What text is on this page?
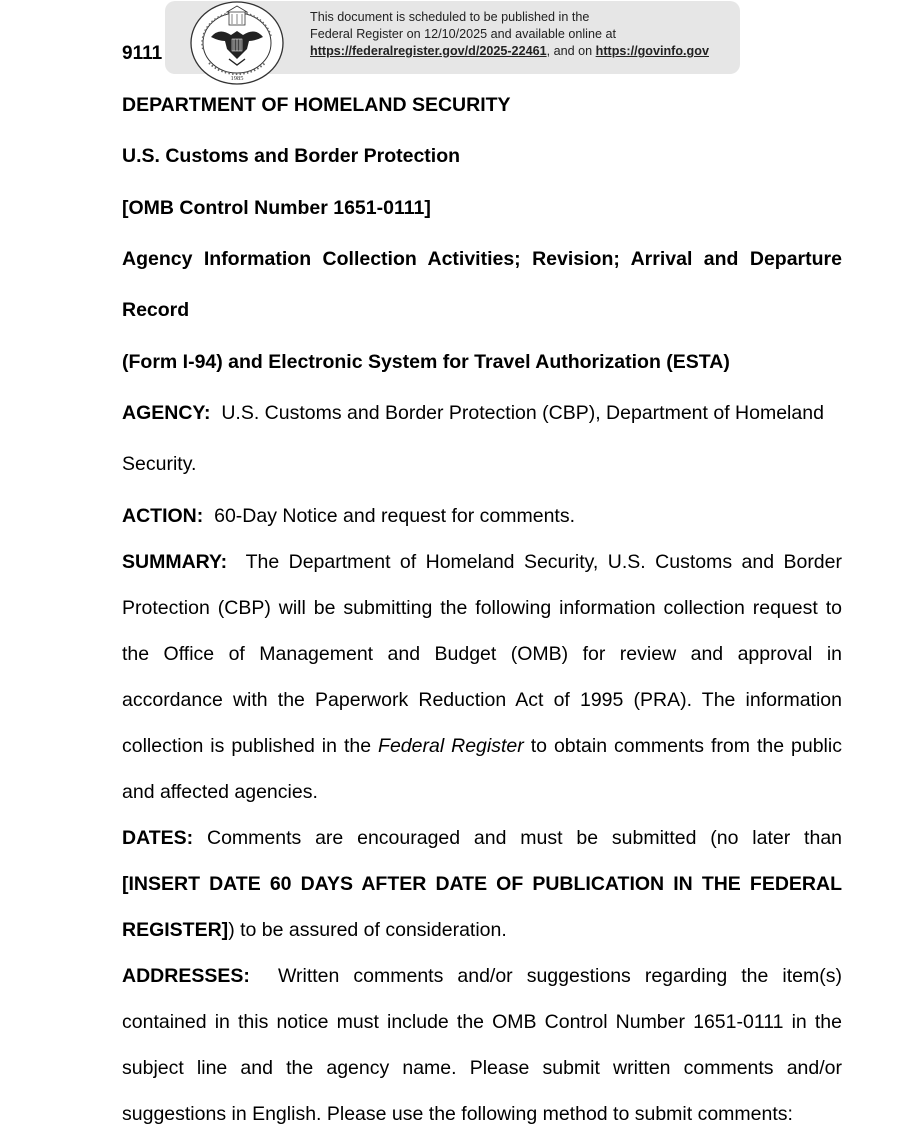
9111
1985
This document is scheduled to be published in the
Federal Register on 12/10/2025 and available online at
https://federalregister.gov/d/2025-22461, and on https://govinfo.gov
DEPARTMENT OF HOMELAND SECURITY
U.S. Customs and Border Protection
[OMB Control Number 1651-0111]
Agency Information Collection Activities; Revision; Arrival and Departure
Record
(Form I-94) and Electronic System for Travel Authorization (ESTA)
AGENCY: U.S. Customs and Border Protection (CBP), Department of Homeland
Security.
ACTION: 60-Day Notice and request for comments.
SUMMARY: The Department of Homeland Security, U.S. Customs and Border
Protection (CBP) will be submitting the following information collection request to
the Office of Management and Budget (OMB) for review and approval in
accordance with the Paperwork Reduction Act of 1995 (PRA). The information
collection is published in the Federal Register to obtain comments from the public
and affected agencies.
DATES: Comments are encouraged and must be submitted (no later than
[INSERT DATE 60 DAYS AFTER DATE OF PUBLICATION IN THE FEDERAL
REGISTER]) to be assured of consideration.
ADDRESSES: Written comments and/or suggestions regarding the item(s)
contained in this notice must include the OMB Control Number 1651-0111 in the
subject line and the agency name. Please submit written comments and/or
suggestions in English. Please use the following method to submit comments:
